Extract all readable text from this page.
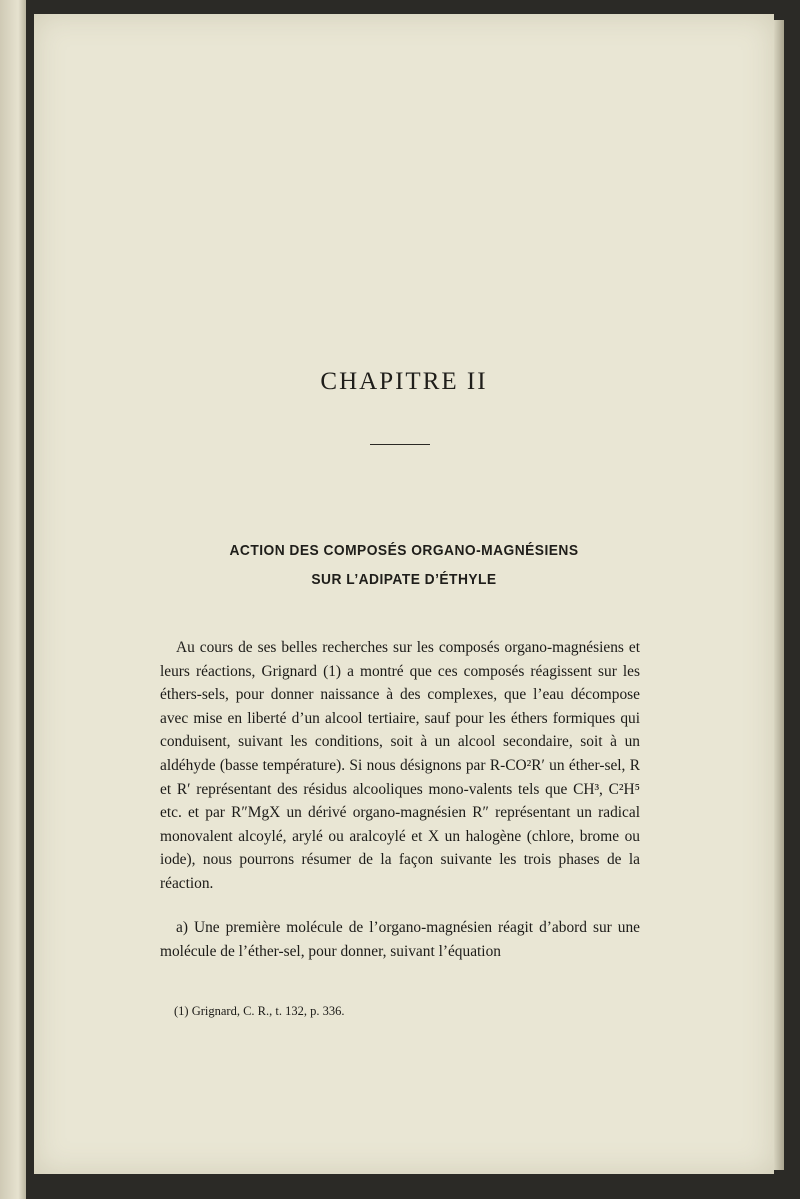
CHAPITRE II
ACTION DES COMPOSÉS ORGANO-MAGNÉSIENS
SUR L’ADIPATE D’ÉTHYLE
Au cours de ses belles recherches sur les composés organo-magnésiens et leurs réactions, Grignard (1) a montré que ces composés réagissent sur les éthers-sels, pour donner naissance à des complexes, que l’eau décompose avec mise en liberté d’un alcool tertiaire, sauf pour les éthers formiques qui conduisent, suivant les conditions, soit à un alcool secondaire, soit à un aldéhyde (basse température). Si nous désignons par R-CO²R′ un éther-sel, R et R′ représentant des résidus alcooliques mono-valents tels que CH³, C²H⁵ etc. et par R″MgX un dérivé organo-magnésien R″ représentant un radical monovalent alcoylé, arylé ou aralcoylé et X un halogène (chlore, brome ou iode), nous pourrons résumer de la façon suivante les trois phases de la réaction.
a) Une première molécule de l’organo-magnésien réagit d’abord sur une molécule de l’éther-sel, pour donner, suivant l’équation
(1) Grignard, C. R., t. 132, p. 336.
